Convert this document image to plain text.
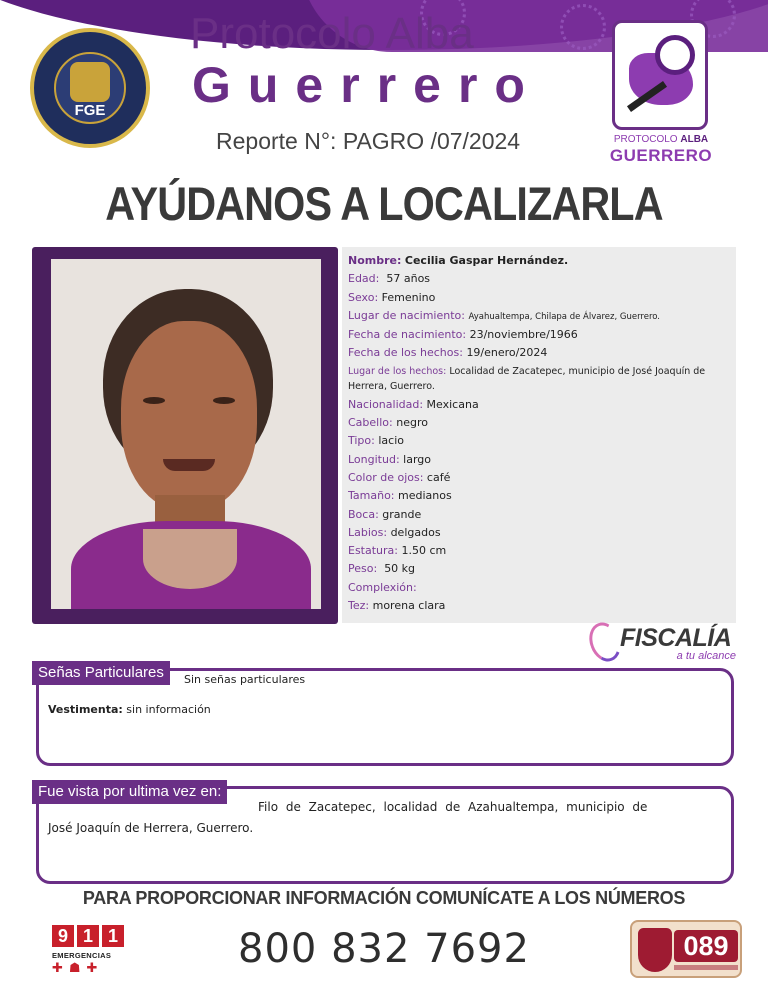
FGE
Protocolo Alba
Guerrero
Reporte N°: PAGRO /07/2024	PROTOCOLO ALBA
GUERRERO
AYÚDANOS A LOCALIZARLA
Nombre: Cecilia Gaspar Hernández.
Edad: 57 años
Sexo: Femenino
Lugar de nacimiento: Ayahualtempa, Chilapa de Álvarez, Guerrero.
Fecha de nacimiento: 23/noviembre/1966
Fecha de los hechos: 19/enero/2024
Lugar de los hechos: Localidad de Zacatepec, municipio de José Joaquín de Herrera, Guerrero.
Nacionalidad: Mexicana
Cabello: negro
Tipo: lacio
Longitud: largo
Color de ojos: café
Tamaño: medianos
Boca: grande
Labios: delgados
Estatura: 1.50 cm
Peso: 50 kg
Complexión:
Tez: morena clara
FISCALÍA
a tu alcance
Señas Particulares	Sin señas particulares
Vestimenta: sin información
Fue vista por ultima vez en:
Filo de Zacatepec, localidad de Azahualtempa, municipio de
José Joaquín de Herrera, Guerrero.
PARA PROPORCIONAR INFORMACIÓN COMUNÍCATE A LOS NÚMEROS
9 1 1
EMERGENCIAS
✚☗✚	800 832 7692	089
